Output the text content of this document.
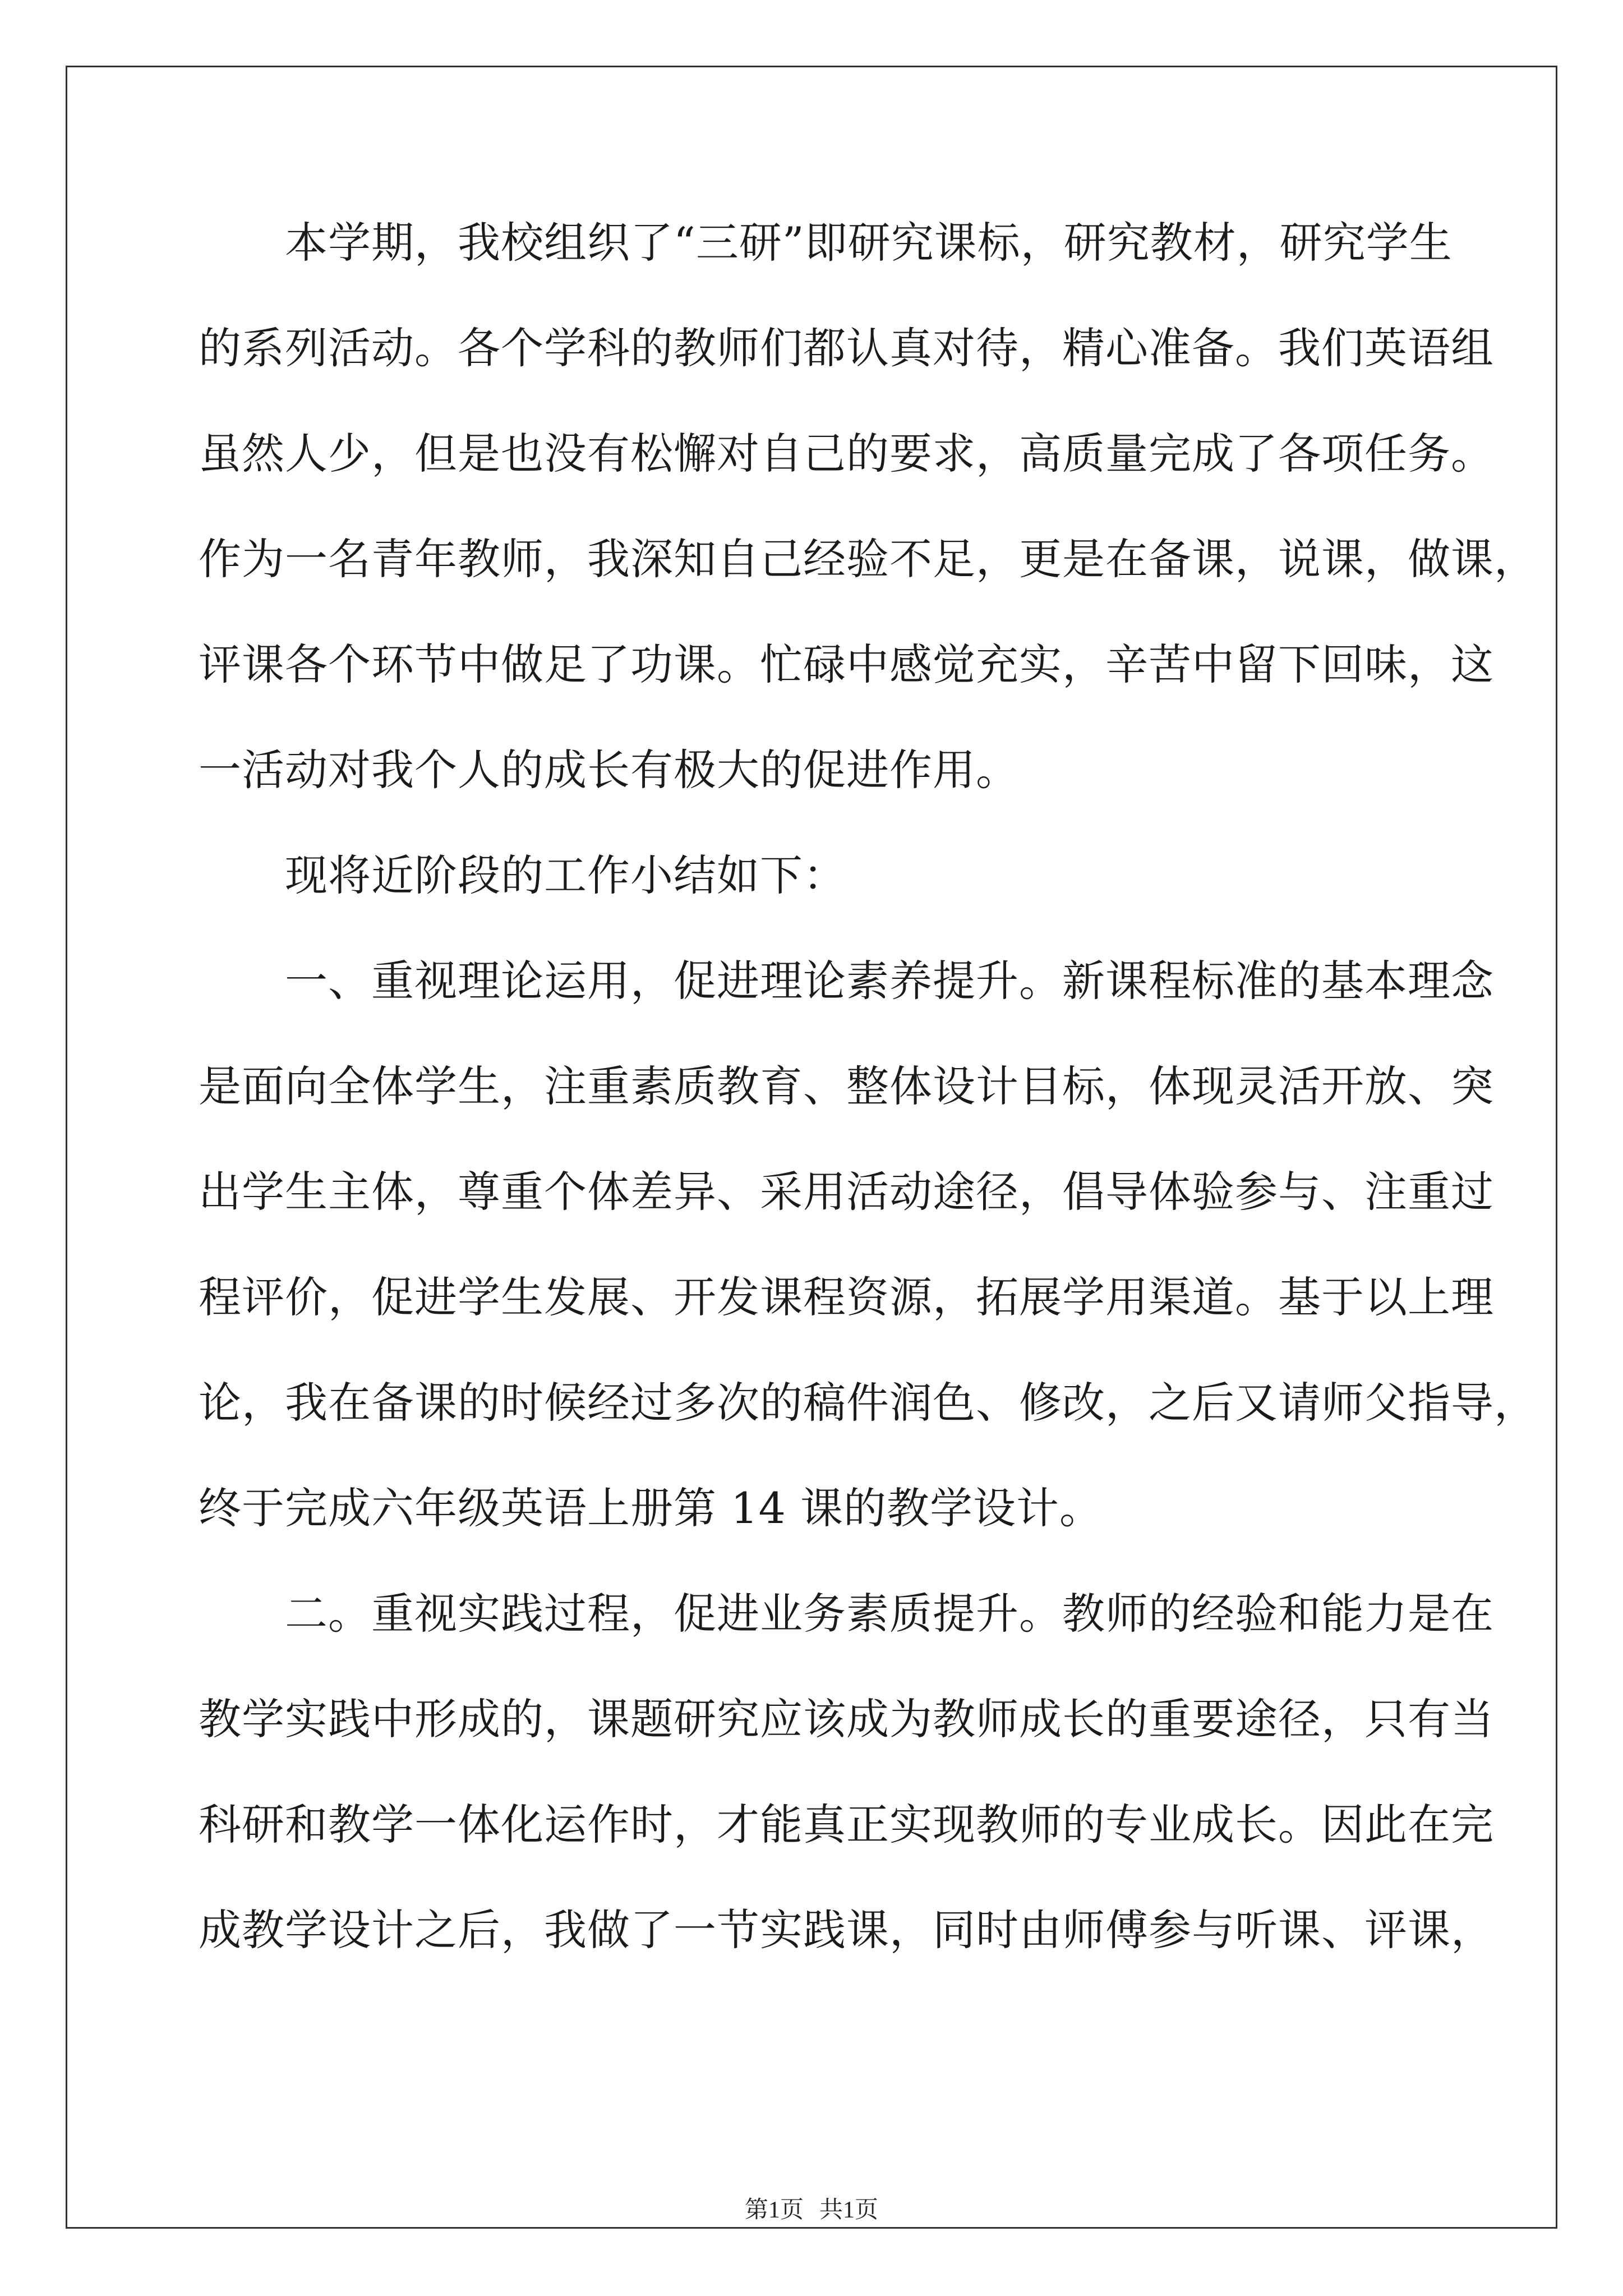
　　本学期，我校组织了“三研”即研究课标，研究教材，研究学生

的系列活动。各个学科的教师们都认真对待，精心准备。我们英语组

虽然人少，但是也没有松懈对自己的要求，高质量完成了各项任务。

作为一名青年教师，我深知自己经验不足，更是在备课，说课，做课，

评课各个环节中做足了功课。忙碌中感觉充实，辛苦中留下回味，这

一活动对我个人的成长有极大的促进作用。

　　现将近阶段的工作小结如下：

　　一、重视理论运用，促进理论素养提升。新课程标准的基本理念

是面向全体学生，注重素质教育、整体设计目标，体现灵活开放、突

出学生主体，尊重个体差异、采用活动途径，倡导体验参与、注重过

程评价，促进学生发展、开发课程资源，拓展学用渠道。基于以上理

论，我在备课的时候经过多次的稿件润色、修改，之后又请师父指导，

终于完成六年级英语上册第 14 课的教学设计。

　　二。重视实践过程，促进业务素质提升。教师的经验和能力是在

教学实践中形成的，课题研究应该成为教师成长的重要途径，只有当

科研和教学一体化运作时，才能真正实现教师的专业成长。因此在完

成教学设计之后，我做了一节实践课，同时由师傅参与听课、评课，

第1页 共1页
